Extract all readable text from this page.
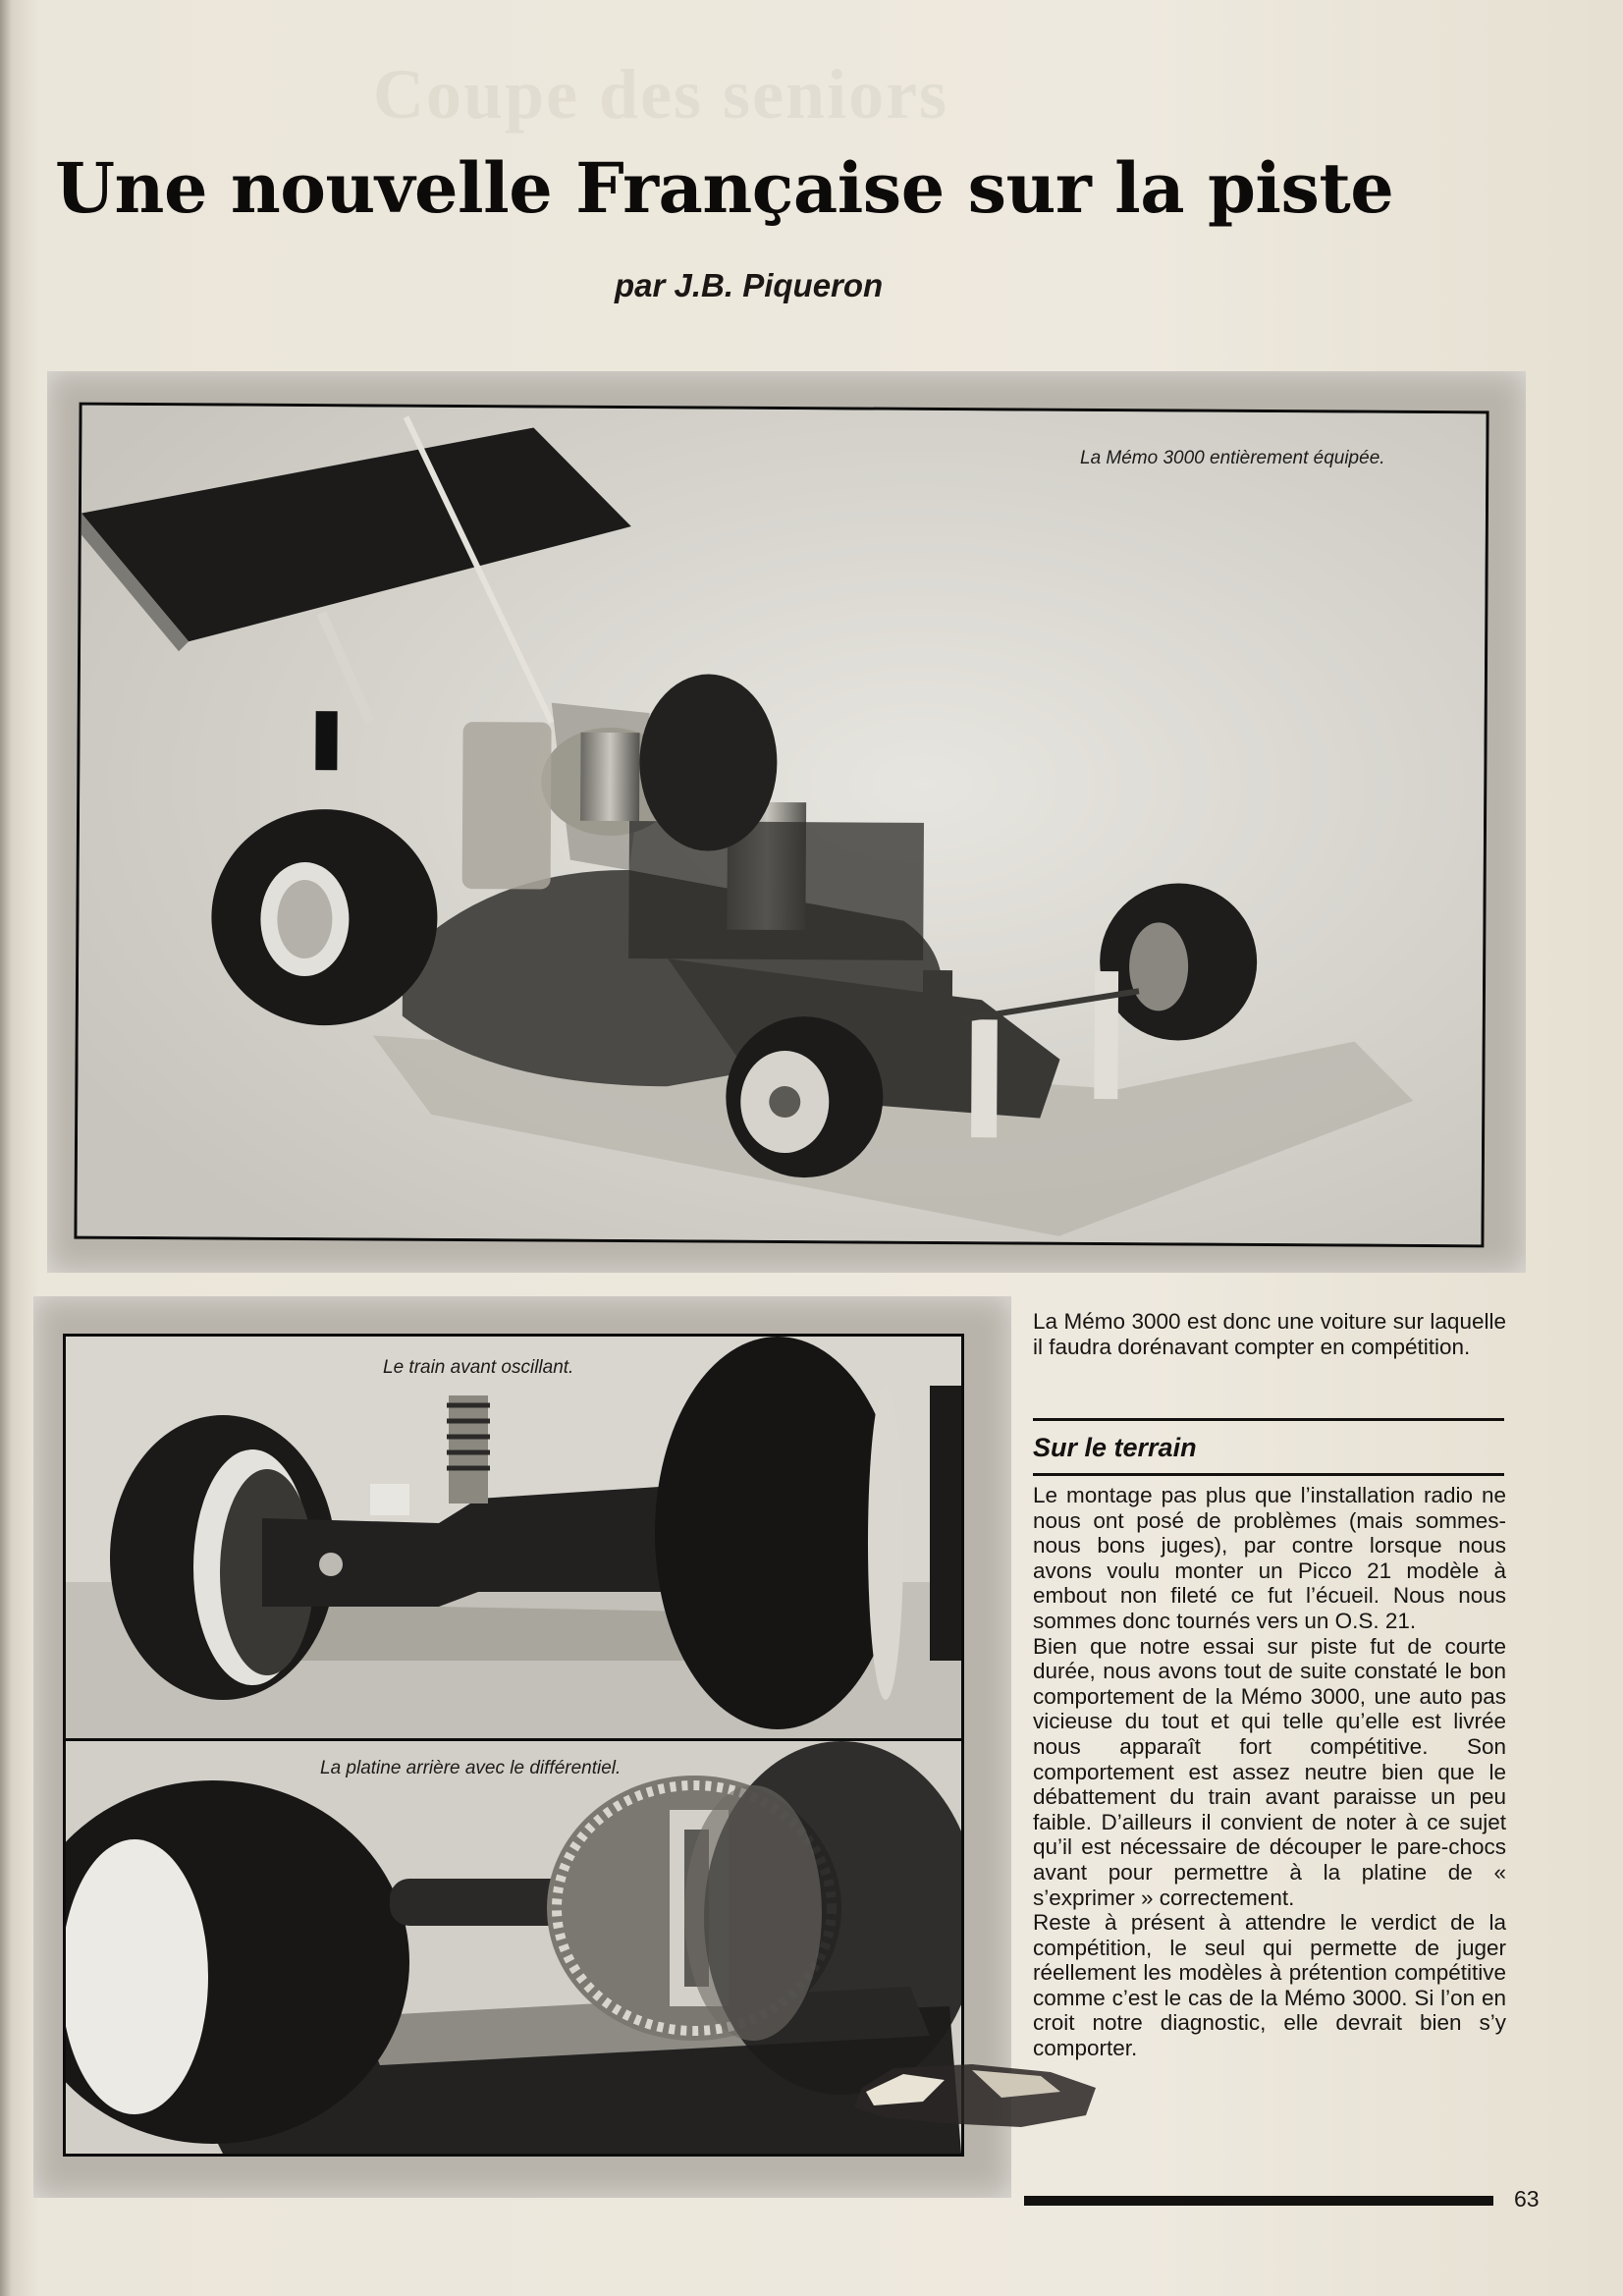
Coupe des seniors
Une nouvelle Française sur la piste
par J.B. Piqueron
La Mémo 3000 entièrement équipée.
Le train avant oscillant.
La platine arrière avec le différentiel.

La Mémo 3000 est donc une voiture sur laquelle il faudra dorénavant compter en compétition.

Sur le terrain

Le montage pas plus que l’installation radio ne nous ont posé de problèmes (mais sommes-nous bons juges), par contre lorsque nous avons voulu monter un Picco 21 modèle à embout non fileté ce fut l’écueil. Nous nous sommes donc tournés vers un O.S. 21.

Bien que notre essai sur piste fut de courte durée, nous avons tout de suite constaté le bon comportement de la Mémo 3000, une auto pas vicieuse du tout et qui telle qu’elle est livrée nous apparaît fort compétitive. Son comportement est assez neutre bien que le débattement du train avant paraisse un peu faible. D’ailleurs il convient de noter à ce sujet qu’il est nécessaire de découper le pare-chocs avant pour permettre à la platine de « s’exprimer » correctement.

Reste à présent à attendre le verdict de la compétition, le seul qui permette de juger réellement les modèles à prétention compétitive comme c’est le cas de la Mémo 3000. Si l’on en croit notre diagnostic, elle devrait bien s’y comporter.

63
